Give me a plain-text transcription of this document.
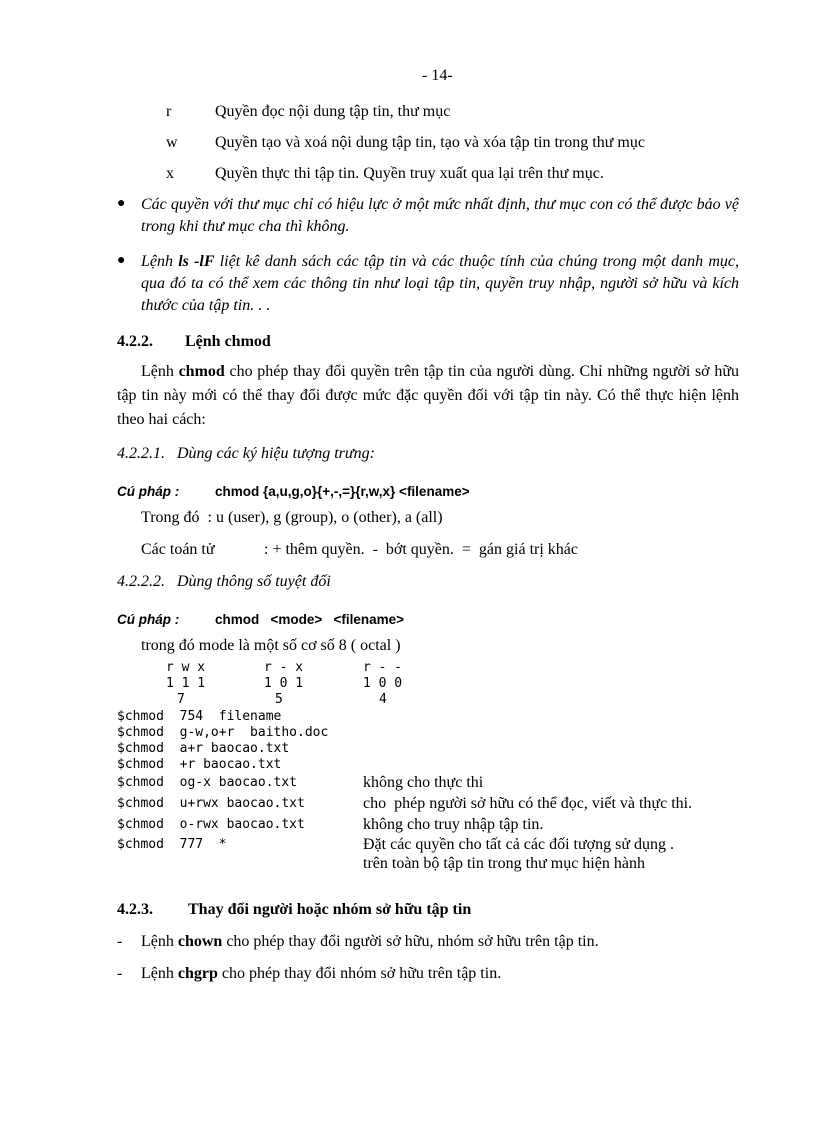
- 14-
r	Quyền đọc nội dung tập tin, thư mục
w Quyền tạo và xoá nội dung tập tin, tạo và xóa tập tin trong thư mục
x	Quyền thực thi tập tin. Quyền truy xuất qua lại trên thư mục.
● Các quyền với thư mục chỉ có hiệu lực ở một mức nhất định, thư mục con có thể được bảo vệ trong khi thư mục cha thì không.
● Lệnh ls -lF liệt kê danh sách các tập tin và các thuộc tính của chúng trong một danh mục, qua đó ta có thể xem các thông tin như loại tập tin, quyền truy nhập, người sở hữu và kích thước của tập tin. . .
4.2.2. Lệnh chmod
Lệnh chmod cho phép thay đổi quyền trên tập tin của người dùng. Chỉ những người sở hữu tập tin này mới có thể thay đổi được mức đặc quyền đối với tập tin này. Có thể thực hiện lệnh theo hai cách:
4.2.2.1.   Dùng các ký hiệu tượng trưng:
Cú pháp :	chmod {a,u,g,o}{+,-,=}{r,w,x} <filename>
Trong đó  : u (user), g (group), o (other), a (all)
Các toán tử	: + thêm quyền.  -  bớt quyền.  =  gán giá trị khác
4.2.2.2.   Dùng thông số tuyệt đối
Cú pháp :	chmod   <mode>   <filename>
trong đó mode là một số cơ số 8 ( octal )
r w x	r - x	r - -
1 1 1	1 0 1	1 0 0
7	5	4
$chmod  754  filename
$chmod  g-w,o+r  baitho.doc
$chmod  a+r baocao.txt
$chmod  +r baocao.txt
$chmod  og-x baocao.txt	không cho thực thi
$chmod  u+rwx baocao.txt	cho  phép người sở hữu có thể đọc, viết và thực thi.
$chmod  o-rwx baocao.txt	không cho truy nhập tập tin.
$chmod  777  *	Đặt các quyền cho tất cả các đối tượng sử dụng .
trên toàn bộ tập tin trong thư mục hiện hành
4.2.3. Thay đổi người hoặc nhóm sở hữu tập tin
- Lệnh chown cho phép thay đổi người sở hữu, nhóm sở hữu trên tập tin.
- Lệnh chgrp cho phép thay đổi nhóm sở hữu trên tập tin.
